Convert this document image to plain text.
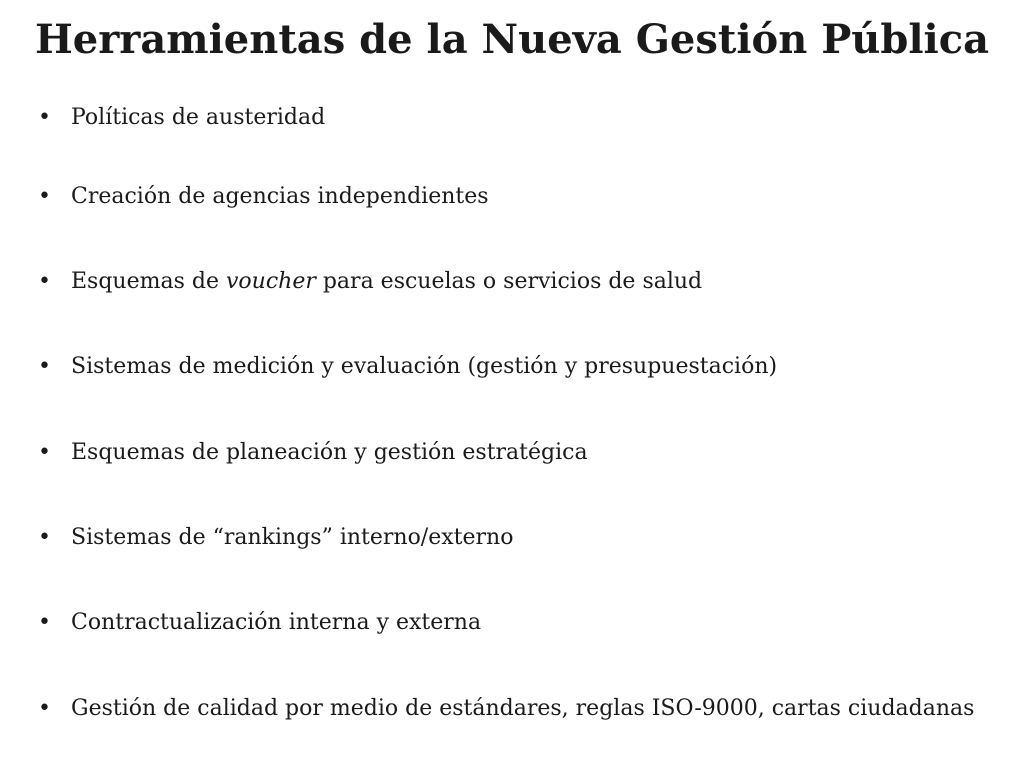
Herramientas de la Nueva Gestión Pública
• Políticas de austeridad
• Creación de agencias independientes
• Esquemas de voucher para escuelas o servicios de salud
• Sistemas de medición y evaluación (gestión y presupuestación)
• Esquemas de planeación y gestión estratégica
• Sistemas de “rankings” interno/externo
• Contractualización interna y externa
• Gestión de calidad por medio de estándares, reglas ISO-9000, cartas ciudadanas
